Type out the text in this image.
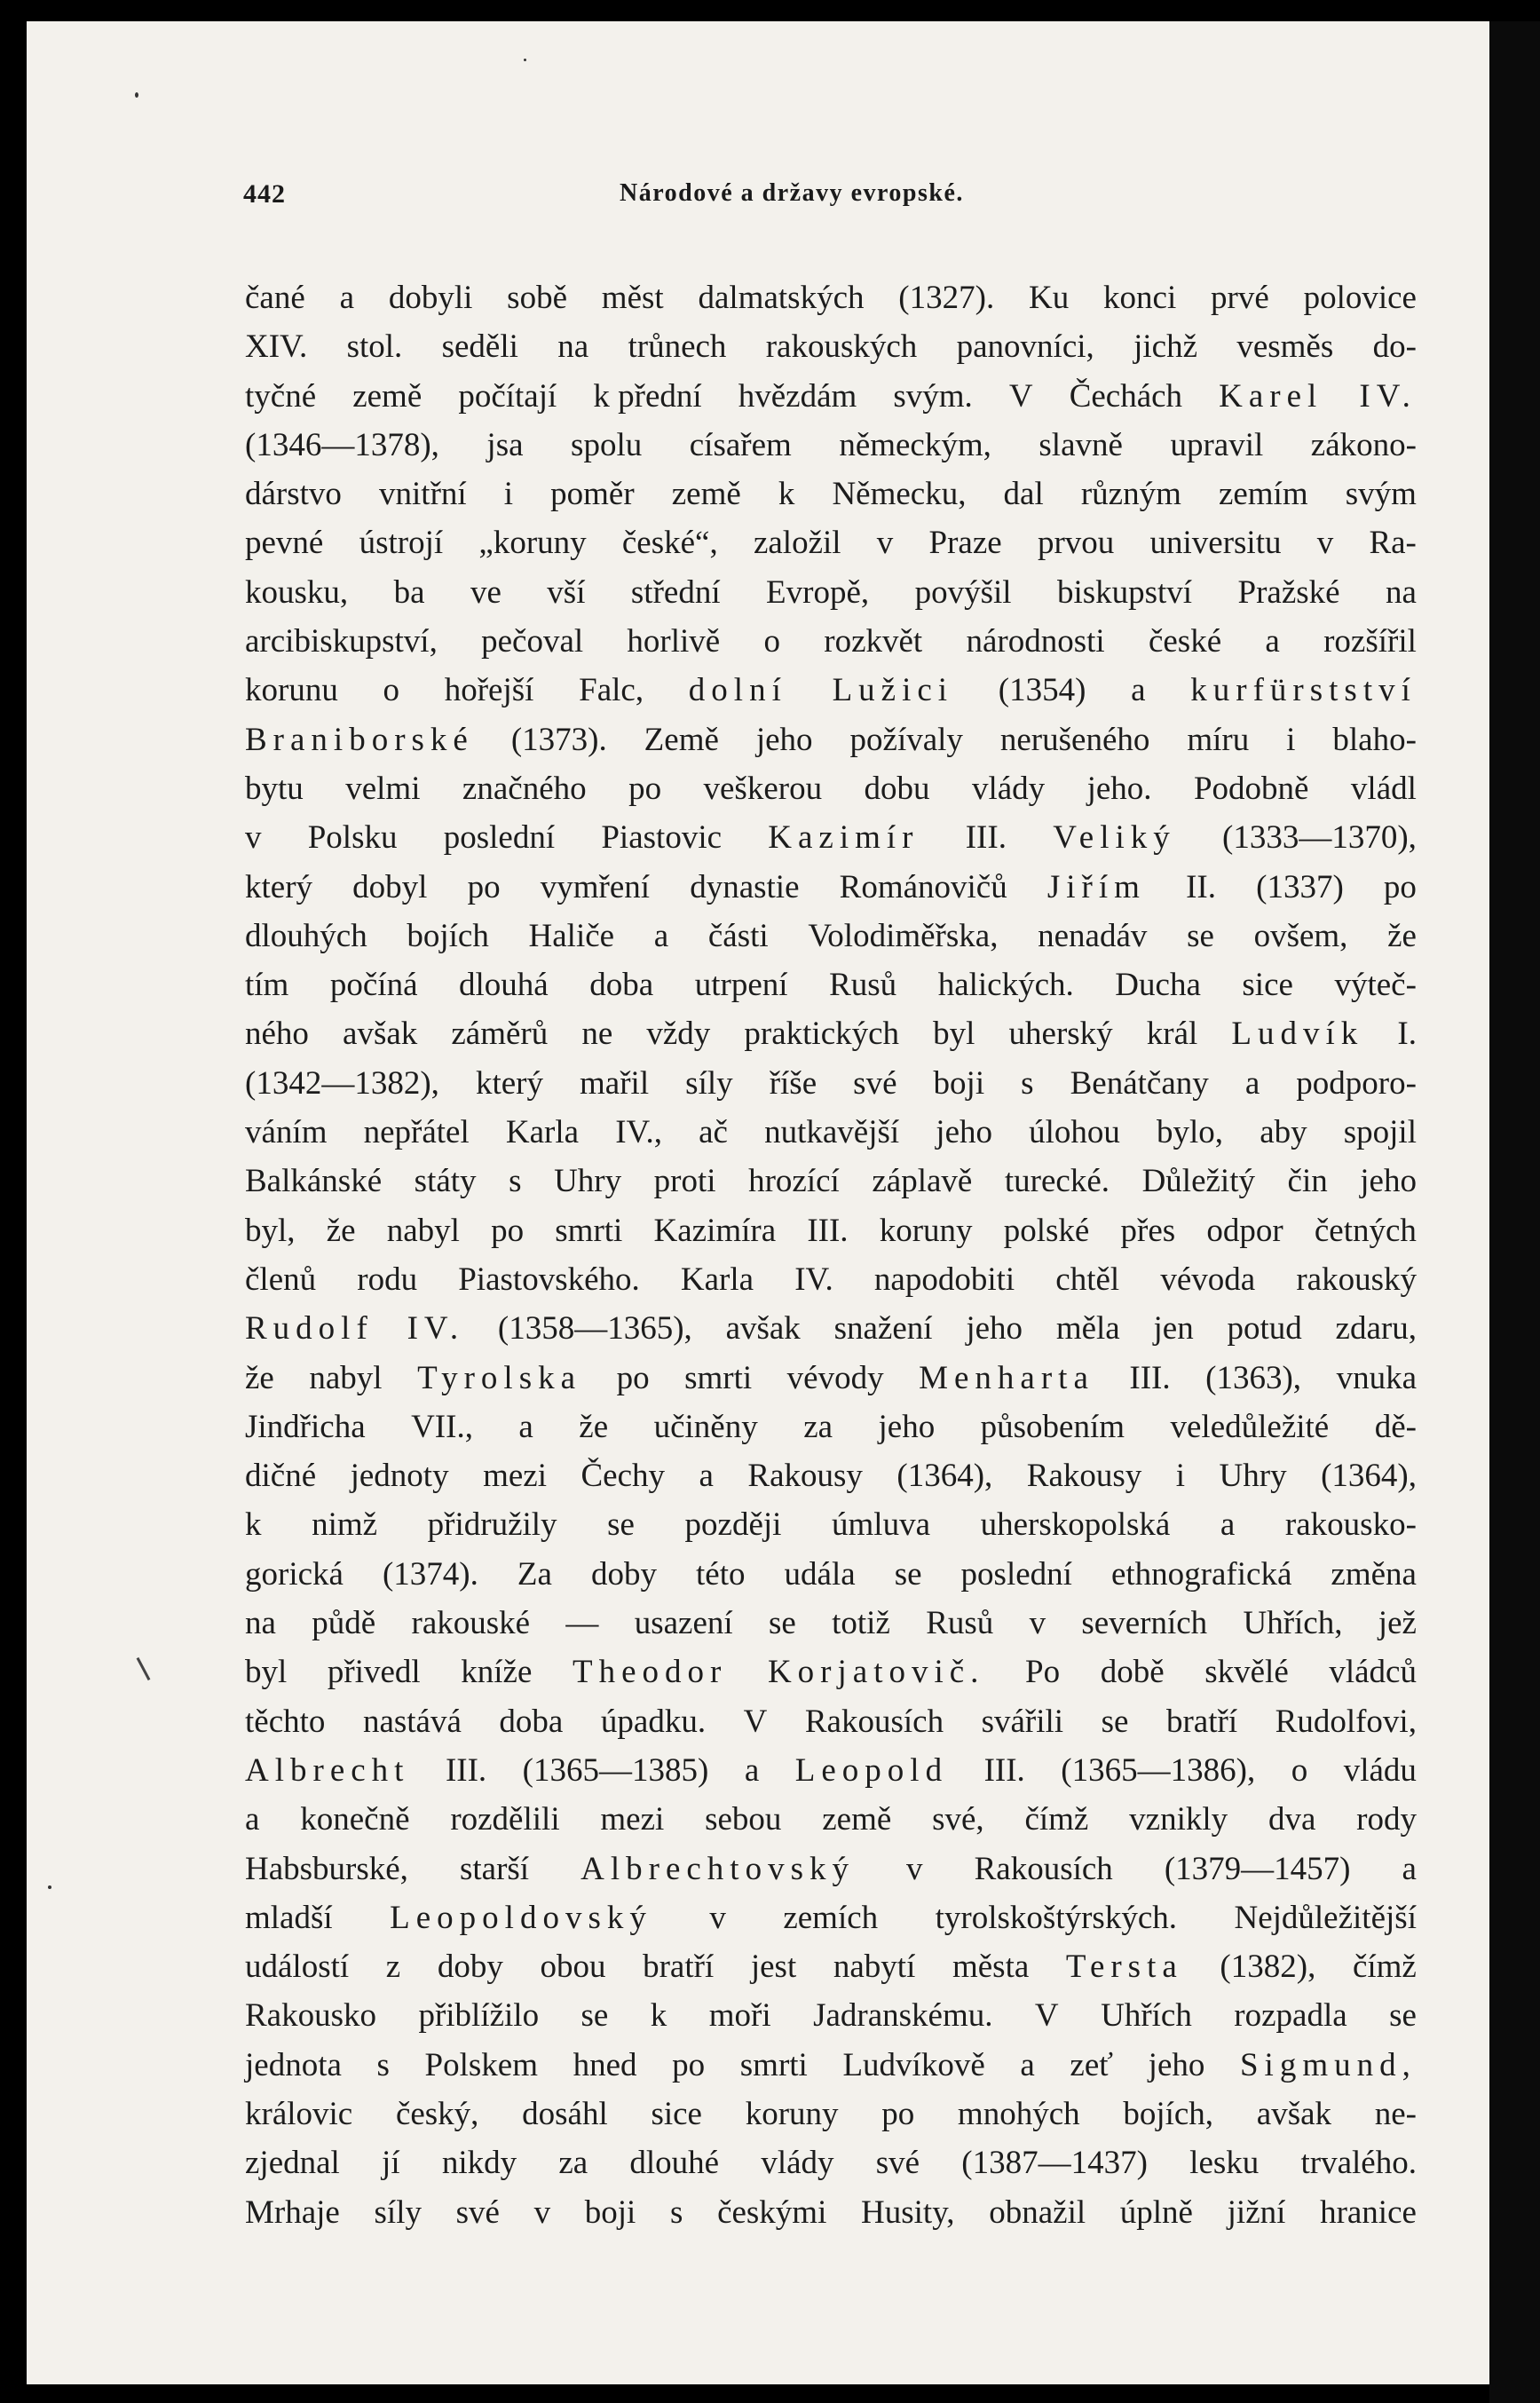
442	Národové a državy evropské.
čané a dobyli sobě měst dalmatských (1327). Ku konci prvé polovice
XIV. stol. seděli na trůnech rakouských panovníci, jichž vesměs do-
tyčné země počítají k přední hvězdám svým. V Čechách Karel IV.
(1346—1378), jsa spolu císařem německým, slavně upravil zákono-
dárstvo vnitřní i poměr země k Německu, dal různým zemím svým
pevné ústrojí „koruny české“, založil v Praze prvou universitu v Ra-
kousku, ba ve vší střední Evropě, povýšil biskupství Pražské na
arcibiskupství, pečoval horlivě o rozkvět národnosti české a rozšířil
korunu o hořejší Falc, dolní Lužici (1354) a kurfürstství
Braniborské (1373). Země jeho požívaly nerušeného míru i blaho-
bytu velmi značného po veškerou dobu vlády jeho. Podobně vládl
v Polsku poslední Piastovic Kazimír III. Veliký (1333—1370),
který dobyl po vymření dynastie Románovičů Jiřím II. (1337) po
dlouhých bojích Haliče a části Volodiměřska, nenadáv se ovšem, že
tím počíná dlouhá doba utrpení Rusů halických. Ducha sice výteč-
ného avšak záměrů ne vždy praktických byl uherský král Ludvík I.
(1342—1382), který mařil síly říše své boji s Benátčany a podporo-
váním nepřátel Karla IV., ač nutkavější jeho úlohou bylo, aby spojil
Balkánské státy s Uhry proti hrozící záplavě turecké. Důležitý čin jeho
byl, že nabyl po smrti Kazimíra III. koruny polské přes odpor četných
členů rodu Piastovského. Karla IV. napodobiti chtěl vévoda rakouský
Rudolf IV. (1358—1365), avšak snažení jeho měla jen potud zdaru,
že nabyl Tyrolska po smrti vévody Menharta III. (1363), vnuka
Jindřicha VII., a že učiněny za jeho působením veledůležité dě-
dičné jednoty mezi Čechy a Rakousy (1364), Rakousy i Uhry (1364),
k nimž přidružily se později úmluva uherskopolská a rakousko-
gorická (1374). Za doby této udála se poslední ethnografická změna
na půdě rakouské — usazení se totiž Rusů v severních Uhřích, jež
byl přivedl kníže Theodor Korjatovič. Po době skvělé vládců
těchto nastává doba úpadku. V Rakousích svářili se bratří Rudolfovi,
Albrecht III. (1365—1385) a Leopold III. (1365—1386), o vládu
a konečně rozdělili mezi sebou země své, čímž vznikly dva rody
Habsburské, starší Albrechtovský v Rakousích (1379—1457) a
mladší Leopoldovský v zemích tyrolskoštýrských. Nejdůležitější
událostí z doby obou bratří jest nabytí města Tersta (1382), čímž
Rakousko přiblížilo se k moři Jadranskému. V Uhřích rozpadla se
jednota s Polskem hned po smrti Ludvíkově a zeť jeho Sigmund,
královic český, dosáhl sice koruny po mnohých bojích, avšak ne-
zjednal jí nikdy za dlouhé vlády své (1387—1437) lesku trvalého.
Mrhaje síly své v boji s českými Husity, obnažil úplně jižní hranice
